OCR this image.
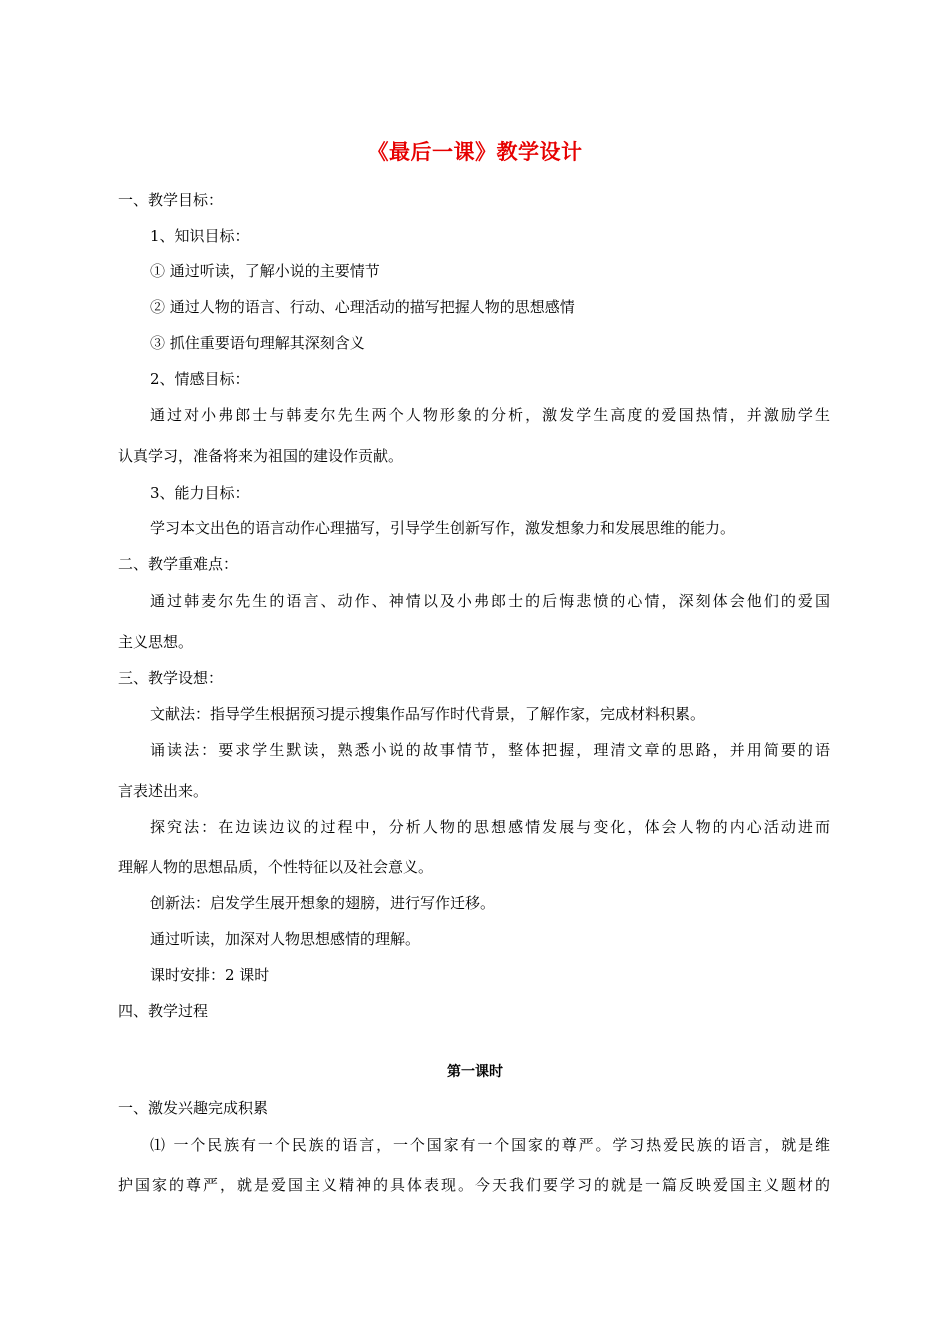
《最后一课》教学设计
一、教学目标：
1、知识目标：
① 通过听读，了解小说的主要情节
② 通过人物的语言、行动、心理活动的描写把握人物的思想感情
③ 抓住重要语句理解其深刻含义
2、情感目标：
通过对小弗郎士与韩麦尔先生两个人物形象的分析，激发学生高度的爱国热情，并激励学生
认真学习，准备将来为祖国的建设作贡献。
3、能力目标：
学习本文出色的语言动作心理描写，引导学生创新写作，激发想象力和发展思维的能力。
二、教学重难点：
通过韩麦尔先生的语言、动作、神情以及小弗郎士的后悔悲愤的心情，深刻体会他们的爱国
主义思想。
三、教学设想：
文献法：指导学生根据预习提示搜集作品写作时代背景，了解作家，完成材料积累。
诵读法：要求学生默读，熟悉小说的故事情节，整体把握，理清文章的思路，并用简要的语
言表述出来。
探究法：在边读边议的过程中，分析人物的思想感情发展与变化，体会人物的内心活动进而
理解人物的思想品质，个性特征以及社会意义。
创新法：启发学生展开想象的翅膀，进行写作迁移。
通过听读，加深对人物思想感情的理解。
课时安排：2 课时
四、教学过程
第一课时
一、激发兴趣完成积累
⑴ 一个民族有一个民族的语言，一个国家有一个国家的尊严。学习热爱民族的语言，就是维
护国家的尊严，就是爱国主义精神的具体表现。今天我们要学习的就是一篇反映爱国主义题材的
